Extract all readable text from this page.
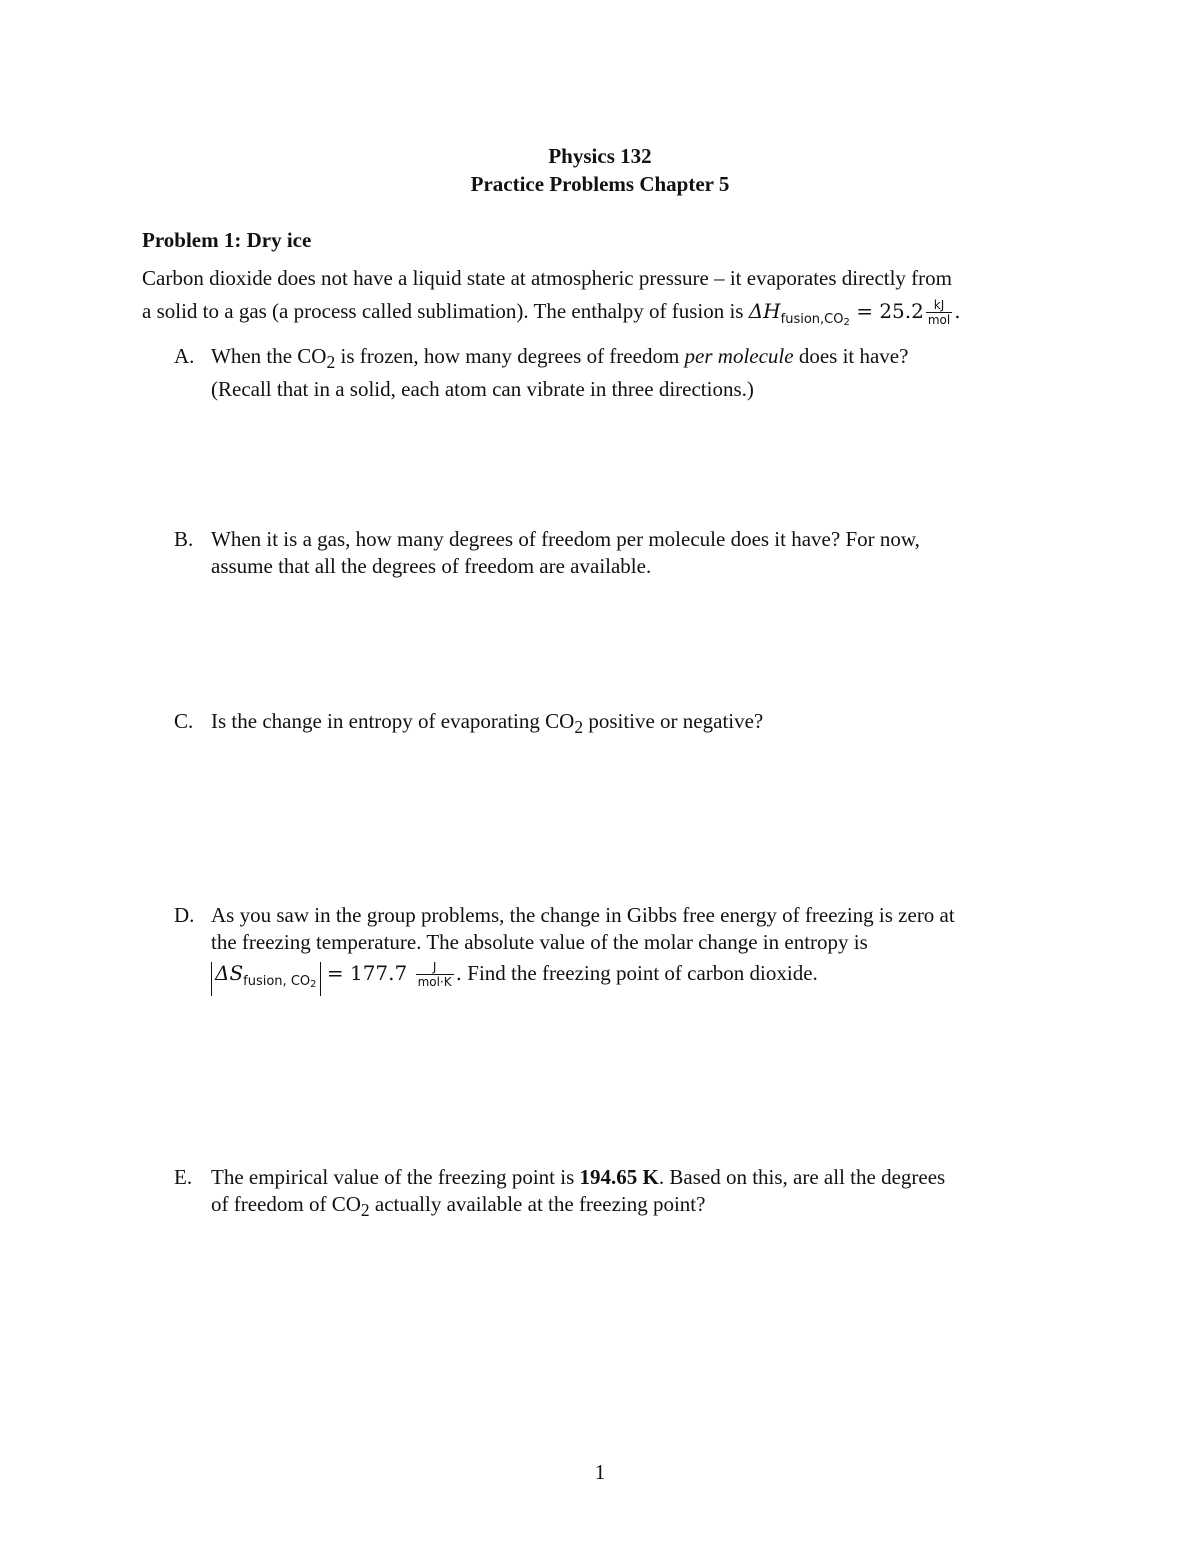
Physics 132
Practice Problems Chapter 5
Problem 1: Dry ice
Carbon dioxide does not have a liquid state at atmospheric pressure – it evaporates directly from
a solid to a gas (a process called sublimation). The enthalpy of fusion is $\Delta H_{fusion,CO2} = 25.2 \frac{kJ}{\text{mol}}$ .
A. When the $CO_2$ is frozen, how many degrees of freedom per molecule does it have?
(Recall that in a solid, each atom can vibrate in three directions.)
B. When it is a gas, how many degrees of freedom per molecule does it have? For now,
assume that all the degrees of freedom are available.
C. Is the change in entropy of evaporating $CO_2$ positive or negative?
D. As you saw in the group problems, the change in Gibbs free energy of freezing is zero at
the freezing temperature. The absolute value of the molar change in entropy is
$\Delta S_{fusion, CO2} = 177.7 \frac{J}{\text{mol·K}}$ . Find the freezing point of carbon dioxide.
E. The empirical value of the freezing point is 194.65 K. Based on this, are all the degrees
of freedom of $CO_2$ actually available at the freezing point?
1
